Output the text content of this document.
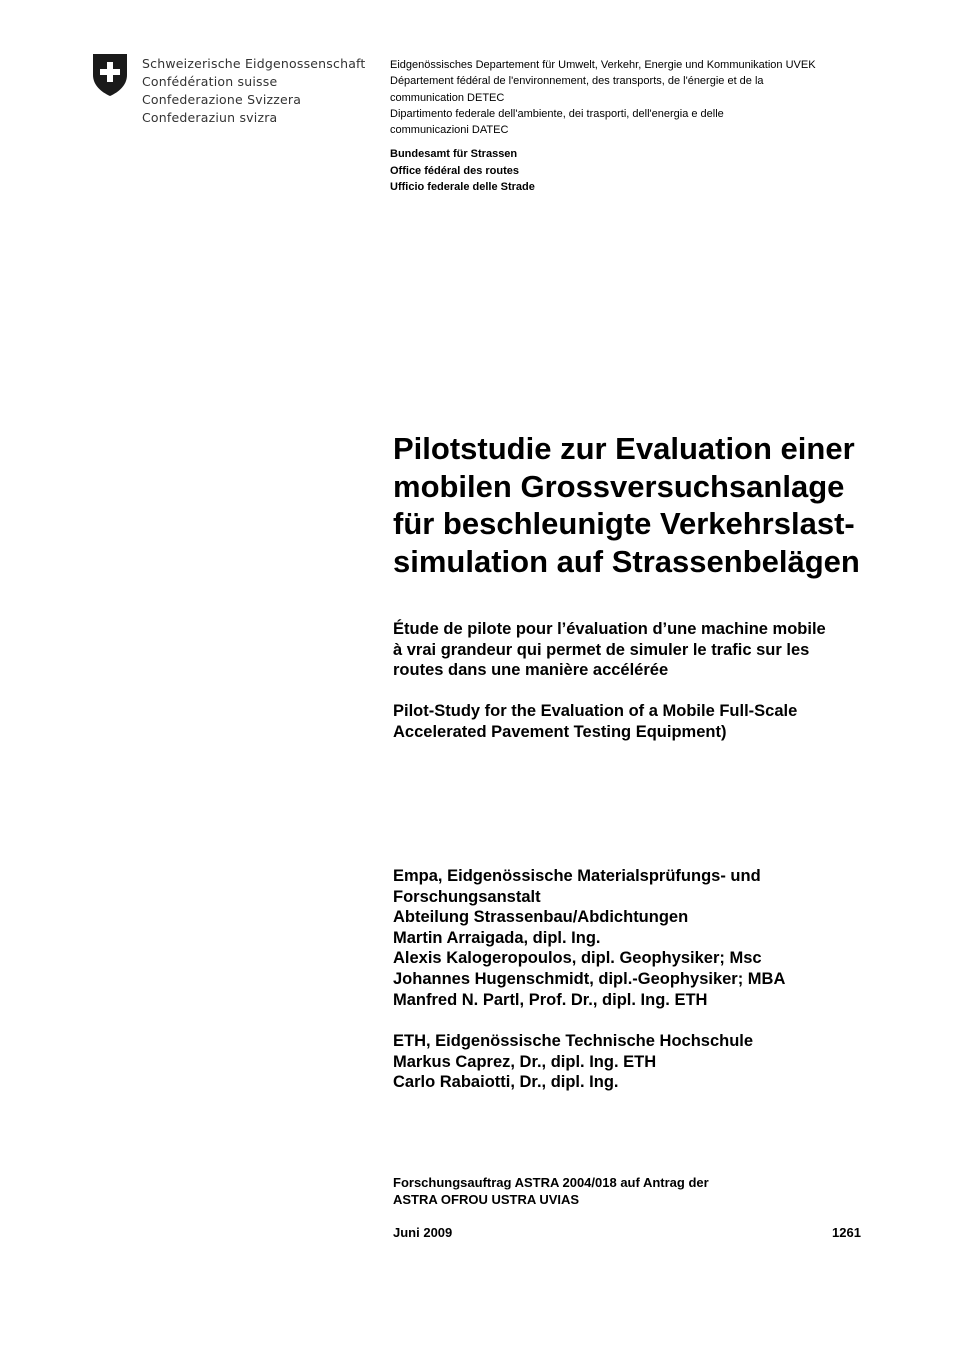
Schweizerische Eidgenossenschaft
Confédération suisse
Confederazione Svizzera
Confederaziun svizra
Eidgenössisches Departement für Umwelt, Verkehr, Energie und Kommunikation UVEK
Département fédéral de l'environnement, des transports, de l'énergie et de la
communication DETEC
Dipartimento federale dell'ambiente, dei trasporti, dell'energia e delle
communicazioni DATEC
Bundesamt für Strassen
Office fédéral des routes
Ufficio federale delle Strade
Pilotstudie zur Evaluation einer
mobilen Grossversuchsanlage
für beschleunigte Verkehrslast-
simulation auf Strassenbelägen
Étude de pilote pour l’évaluation d’une machine mobile
à vrai grandeur qui permet de simuler le trafic sur les
routes dans une manière accélérée
Pilot-Study for the Evaluation of a Mobile Full-Scale
Accelerated Pavement Testing Equipment)
Empa, Eidgenössische Materialsprüfungs- und
Forschungsanstalt
Abteilung Strassenbau/Abdichtungen
Martin Arraigada, dipl. Ing.
Alexis Kalogeropoulos, dipl. Geophysiker; Msc
Johannes Hugenschmidt, dipl.-Geophysiker; MBA
Manfred N. Partl, Prof. Dr., dipl. Ing. ETH
ETH, Eidgenössische Technische Hochschule
Markus Caprez, Dr., dipl. Ing. ETH
Carlo Rabaiotti, Dr., dipl. Ing.
Forschungsauftrag ASTRA 2004/018 auf Antrag der
ASTRA OFROU USTRA UVIAS
Juni 2009	1261
